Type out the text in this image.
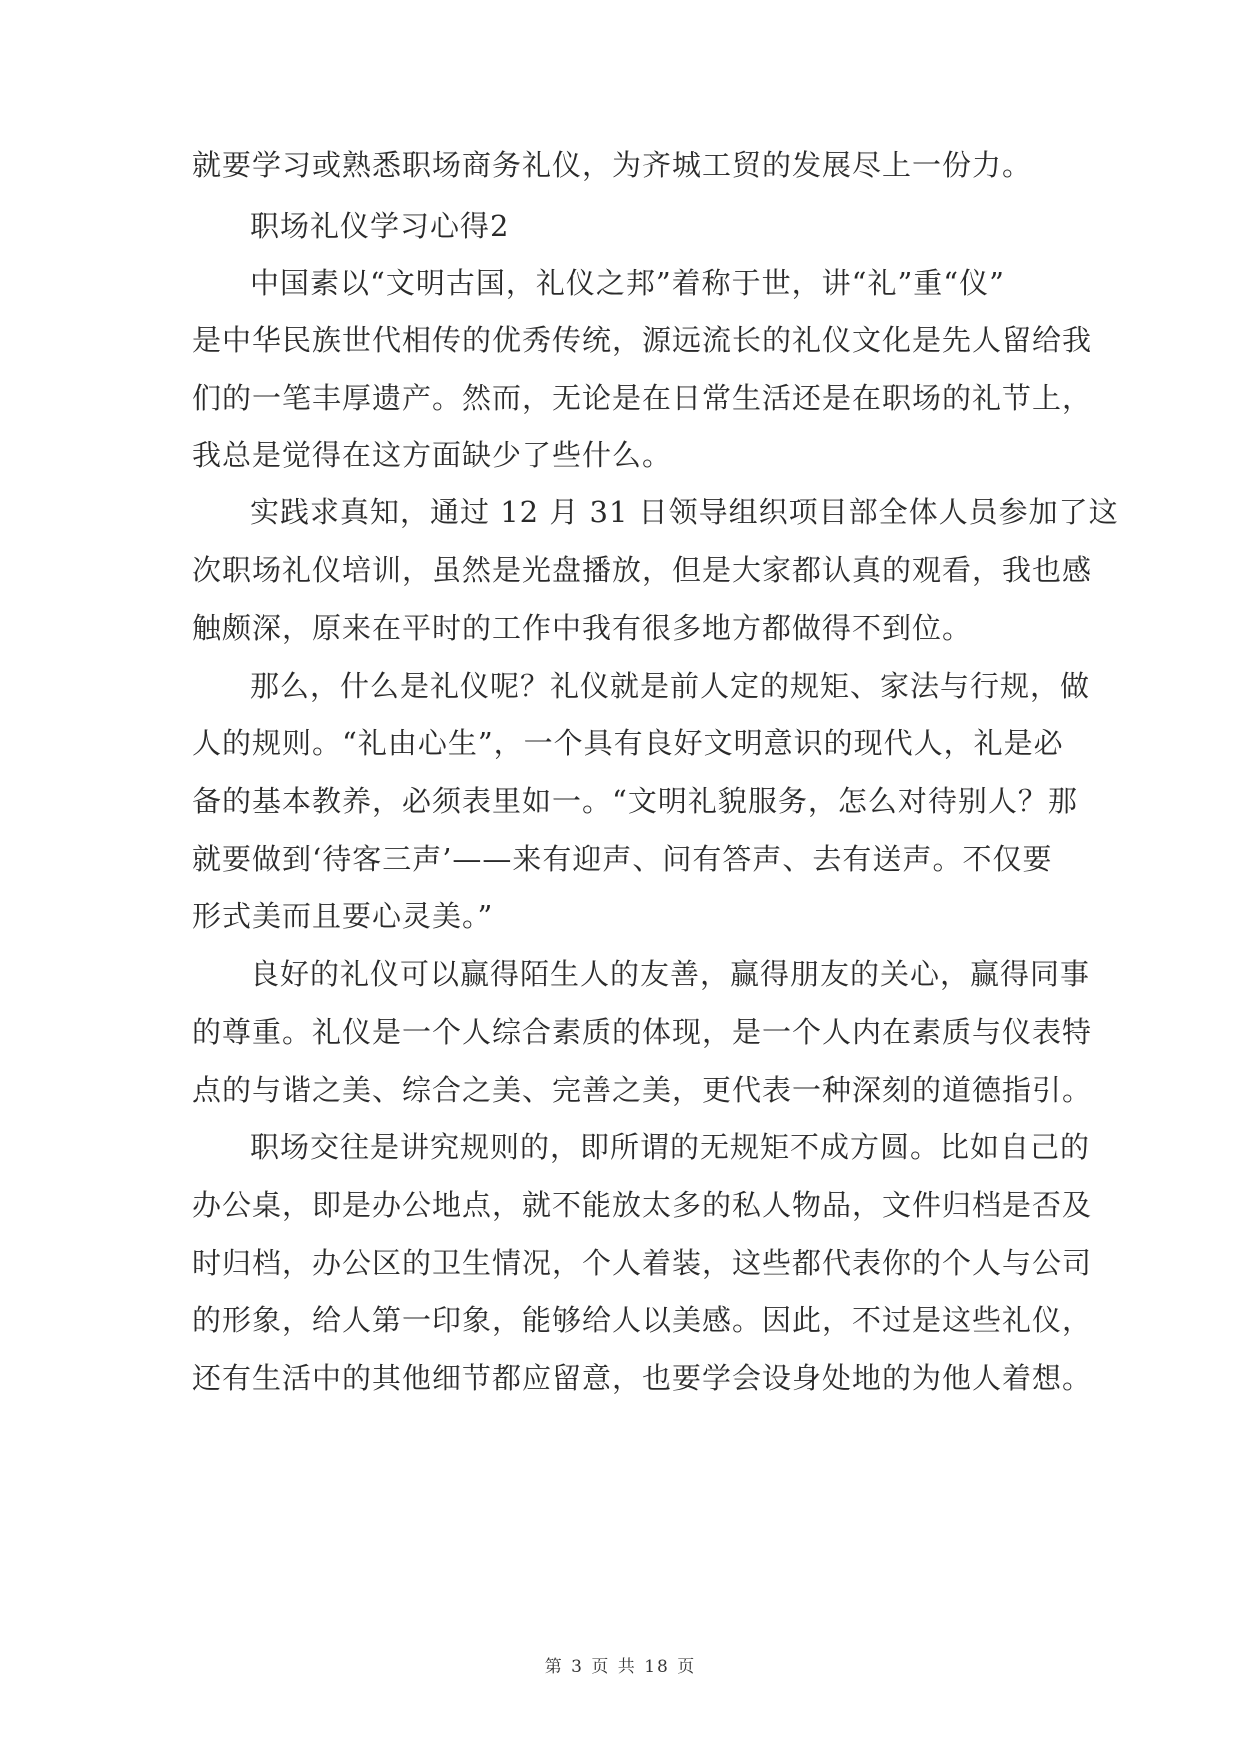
就要学习或熟悉职场商务礼仪，为齐城工贸的发展尽上一份力。
职场礼仪学习心得2
中国素以“文明古国，礼仪之邦”着称于世，讲“礼”重“仪”
是中华民族世代相传的优秀传统，源远流长的礼仪文化是先人留给我
们的一笔丰厚遗产。然而，无论是在日常生活还是在职场的礼节上，
我总是觉得在这方面缺少了些什么。
实践求真知，通过 12 月 31 日领导组织项目部全体人员参加了这
次职场礼仪培训，虽然是光盘播放，但是大家都认真的观看，我也感
触颇深，原来在平时的工作中我有很多地方都做得不到位。
那么，什么是礼仪呢？礼仪就是前人定的规矩、家法与行规，做
人的规则。“礼由心生”，一个具有良好文明意识的现代人，礼是必
备的基本教养，必须表里如一。“文明礼貌服务，怎么对待别人？那
就要做到‘待客三声’——来有迎声、问有答声、去有送声。不仅要
形式美而且要心灵美。”
良好的礼仪可以赢得陌生人的友善，赢得朋友的关心，赢得同事
的尊重。礼仪是一个人综合素质的体现，是一个人内在素质与仪表特
点的与谐之美、综合之美、完善之美，更代表一种深刻的道德指引。
职场交往是讲究规则的，即所谓的无规矩不成方圆。比如自己的
办公桌，即是办公地点，就不能放太多的私人物品，文件归档是否及
时归档，办公区的卫生情况，个人着装，这些都代表你的个人与公司
的形象，给人第一印象，能够给人以美感。因此，不过是这些礼仪，
还有生活中的其他细节都应留意，也要学会设身处地的为他人着想。
第 3 页 共 18 页
